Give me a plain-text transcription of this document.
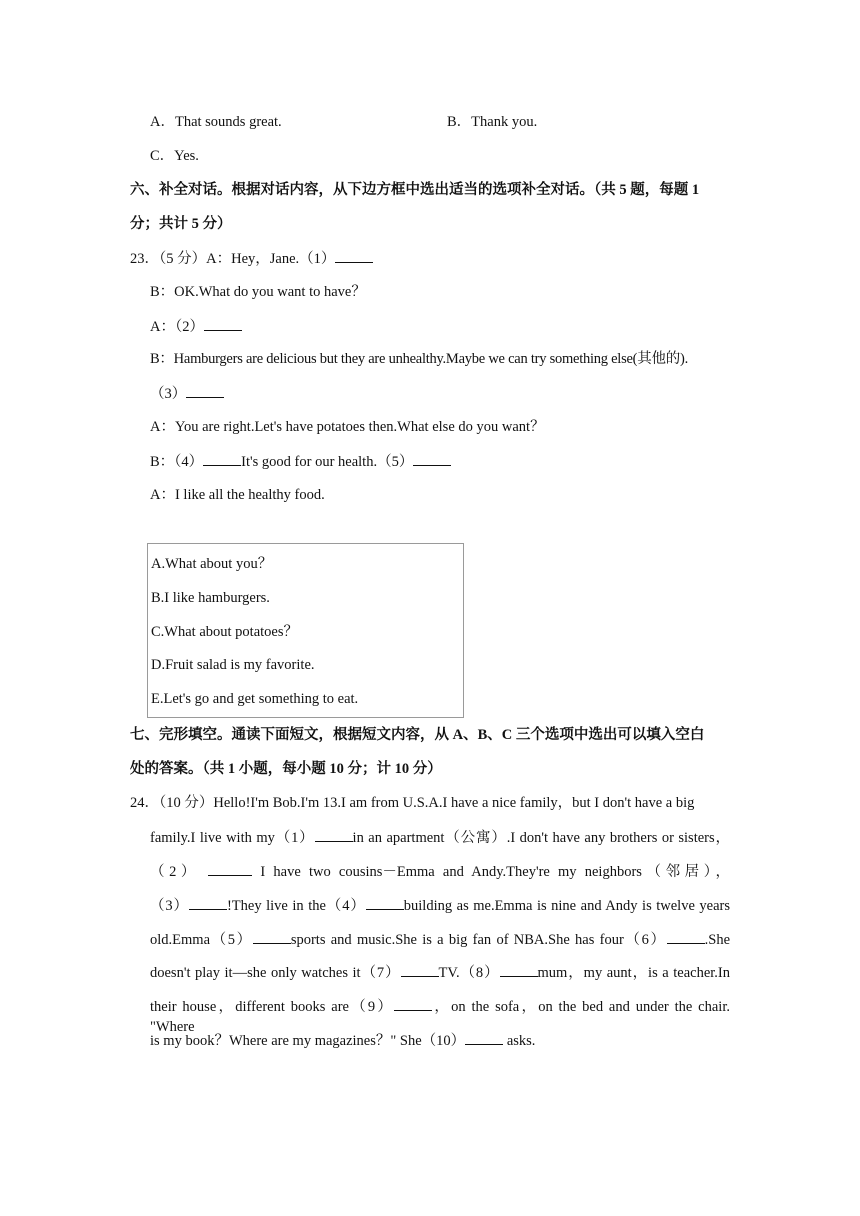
A．That sounds great.	B．Thank you.
C．Yes.
六、补全对话。根据对话内容，从下边方框中选出适当的选项补全对话。（共 5 题，每题 1
分；共计 5 分）
23．（5 分）A：Hey，Jane.（1）
B：OK.What do you want to have？
A：（2）
B：Hamburgers are delicious but they are unhealthy.Maybe we can try something else(其他的).
（3）
A：You are right.Let's have potatoes then.What else do you want？
B：（4）	It's good for our health.（5）
A：I like all the healthy food.
A.What about you？
B.I like hamburgers.
C.What about potatoes？
D.Fruit salad is my favorite.
E.Let's go and get something to eat.
七、完形填空。通读下面短文，根据短文内容，从 A、B、C 三个选项中选出可以填入空白
处的答案。（共 1 小题，每小题 10 分；计 10 分）
24．（10 分）Hello!I'm Bob.I'm 13.I am from U.S.A.I have a nice family，but I don't have a big
family.I live with my（1）	in an apartment（公寓）.I don't have any brothers or sisters，
（2）	I have two cousins－Emma and Andy.They're my neighbors（邻居），
（3）	!They live in the（4）	building as me.Emma is nine and Andy is twelve years
old.Emma（5）	sports and music.She is a big fan of NBA.She has four（6）	.She
doesn't play it—she only watches it（7）	TV.（8）	mum，my aunt，is a teacher.In
their house，different books are（9）	，on the sofa，on the bed and under the chair. "Where
is my book？Where are my magazines？" She（10）	asks.
